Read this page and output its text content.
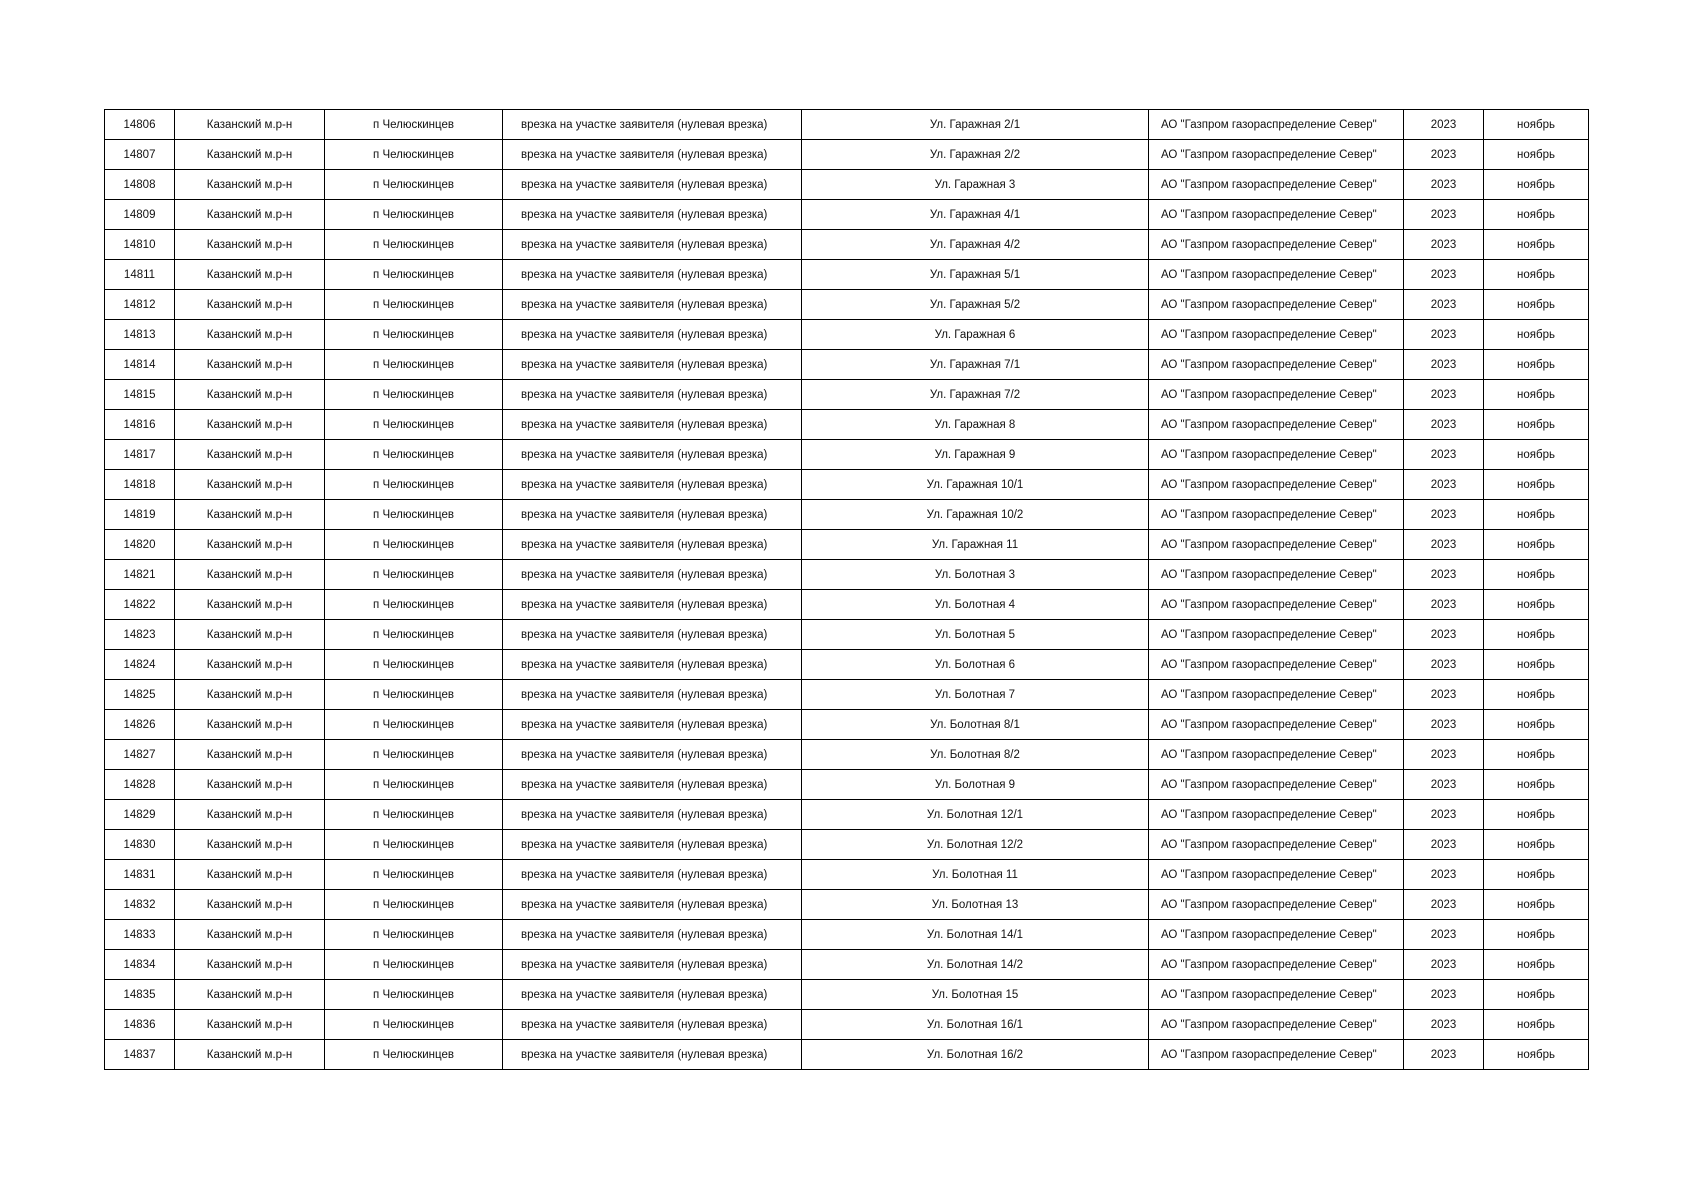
14806	Казанский м.р-н	п Челюскинцев	врезка на участке заявителя (нулевая врезка)	Ул. Гаражная 2/1	АО "Газпром газораспределение Север"	2023	ноябрь
14807	Казанский м.р-н	п Челюскинцев	врезка на участке заявителя (нулевая врезка)	Ул. Гаражная 2/2	АО "Газпром газораспределение Север"	2023	ноябрь
14808	Казанский м.р-н	п Челюскинцев	врезка на участке заявителя (нулевая врезка)	Ул. Гаражная 3	АО "Газпром газораспределение Север"	2023	ноябрь
14809	Казанский м.р-н	п Челюскинцев	врезка на участке заявителя (нулевая врезка)	Ул. Гаражная 4/1	АО "Газпром газораспределение Север"	2023	ноябрь
14810	Казанский м.р-н	п Челюскинцев	врезка на участке заявителя (нулевая врезка)	Ул. Гаражная 4/2	АО "Газпром газораспределение Север"	2023	ноябрь
14811	Казанский м.р-н	п Челюскинцев	врезка на участке заявителя (нулевая врезка)	Ул. Гаражная 5/1	АО "Газпром газораспределение Север"	2023	ноябрь
14812	Казанский м.р-н	п Челюскинцев	врезка на участке заявителя (нулевая врезка)	Ул. Гаражная 5/2	АО "Газпром газораспределение Север"	2023	ноябрь
14813	Казанский м.р-н	п Челюскинцев	врезка на участке заявителя (нулевая врезка)	Ул. Гаражная 6	АО "Газпром газораспределение Север"	2023	ноябрь
14814	Казанский м.р-н	п Челюскинцев	врезка на участке заявителя (нулевая врезка)	Ул. Гаражная 7/1	АО "Газпром газораспределение Север"	2023	ноябрь
14815	Казанский м.р-н	п Челюскинцев	врезка на участке заявителя (нулевая врезка)	Ул. Гаражная 7/2	АО "Газпром газораспределение Север"	2023	ноябрь
14816	Казанский м.р-н	п Челюскинцев	врезка на участке заявителя (нулевая врезка)	Ул. Гаражная 8	АО "Газпром газораспределение Север"	2023	ноябрь
14817	Казанский м.р-н	п Челюскинцев	врезка на участке заявителя (нулевая врезка)	Ул. Гаражная 9	АО "Газпром газораспределение Север"	2023	ноябрь
14818	Казанский м.р-н	п Челюскинцев	врезка на участке заявителя (нулевая врезка)	Ул. Гаражная 10/1	АО "Газпром газораспределение Север"	2023	ноябрь
14819	Казанский м.р-н	п Челюскинцев	врезка на участке заявителя (нулевая врезка)	Ул. Гаражная 10/2	АО "Газпром газораспределение Север"	2023	ноябрь
14820	Казанский м.р-н	п Челюскинцев	врезка на участке заявителя (нулевая врезка)	Ул. Гаражная 11	АО "Газпром газораспределение Север"	2023	ноябрь
14821	Казанский м.р-н	п Челюскинцев	врезка на участке заявителя (нулевая врезка)	Ул. Болотная 3	АО "Газпром газораспределение Север"	2023	ноябрь
14822	Казанский м.р-н	п Челюскинцев	врезка на участке заявителя (нулевая врезка)	Ул. Болотная 4	АО "Газпром газораспределение Север"	2023	ноябрь
14823	Казанский м.р-н	п Челюскинцев	врезка на участке заявителя (нулевая врезка)	Ул. Болотная 5	АО "Газпром газораспределение Север"	2023	ноябрь
14824	Казанский м.р-н	п Челюскинцев	врезка на участке заявителя (нулевая врезка)	Ул. Болотная 6	АО "Газпром газораспределение Север"	2023	ноябрь
14825	Казанский м.р-н	п Челюскинцев	врезка на участке заявителя (нулевая врезка)	Ул. Болотная 7	АО "Газпром газораспределение Север"	2023	ноябрь
14826	Казанский м.р-н	п Челюскинцев	врезка на участке заявителя (нулевая врезка)	Ул. Болотная 8/1	АО "Газпром газораспределение Север"	2023	ноябрь
14827	Казанский м.р-н	п Челюскинцев	врезка на участке заявителя (нулевая врезка)	Ул. Болотная 8/2	АО "Газпром газораспределение Север"	2023	ноябрь
14828	Казанский м.р-н	п Челюскинцев	врезка на участке заявителя (нулевая врезка)	Ул. Болотная 9	АО "Газпром газораспределение Север"	2023	ноябрь
14829	Казанский м.р-н	п Челюскинцев	врезка на участке заявителя (нулевая врезка)	Ул. Болотная 12/1	АО "Газпром газораспределение Север"	2023	ноябрь
14830	Казанский м.р-н	п Челюскинцев	врезка на участке заявителя (нулевая врезка)	Ул. Болотная 12/2	АО "Газпром газораспределение Север"	2023	ноябрь
14831	Казанский м.р-н	п Челюскинцев	врезка на участке заявителя (нулевая врезка)	Ул. Болотная 11	АО "Газпром газораспределение Север"	2023	ноябрь
14832	Казанский м.р-н	п Челюскинцев	врезка на участке заявителя (нулевая врезка)	Ул. Болотная 13	АО "Газпром газораспределение Север"	2023	ноябрь
14833	Казанский м.р-н	п Челюскинцев	врезка на участке заявителя (нулевая врезка)	Ул. Болотная 14/1	АО "Газпром газораспределение Север"	2023	ноябрь
14834	Казанский м.р-н	п Челюскинцев	врезка на участке заявителя (нулевая врезка)	Ул. Болотная 14/2	АО "Газпром газораспределение Север"	2023	ноябрь
14835	Казанский м.р-н	п Челюскинцев	врезка на участке заявителя (нулевая врезка)	Ул. Болотная 15	АО "Газпром газораспределение Север"	2023	ноябрь
14836	Казанский м.р-н	п Челюскинцев	врезка на участке заявителя (нулевая врезка)	Ул. Болотная 16/1	АО "Газпром газораспределение Север"	2023	ноябрь
14837	Казанский м.р-н	п Челюскинцев	врезка на участке заявителя (нулевая врезка)	Ул. Болотная 16/2	АО "Газпром газораспределение Север"	2023	ноябрь
